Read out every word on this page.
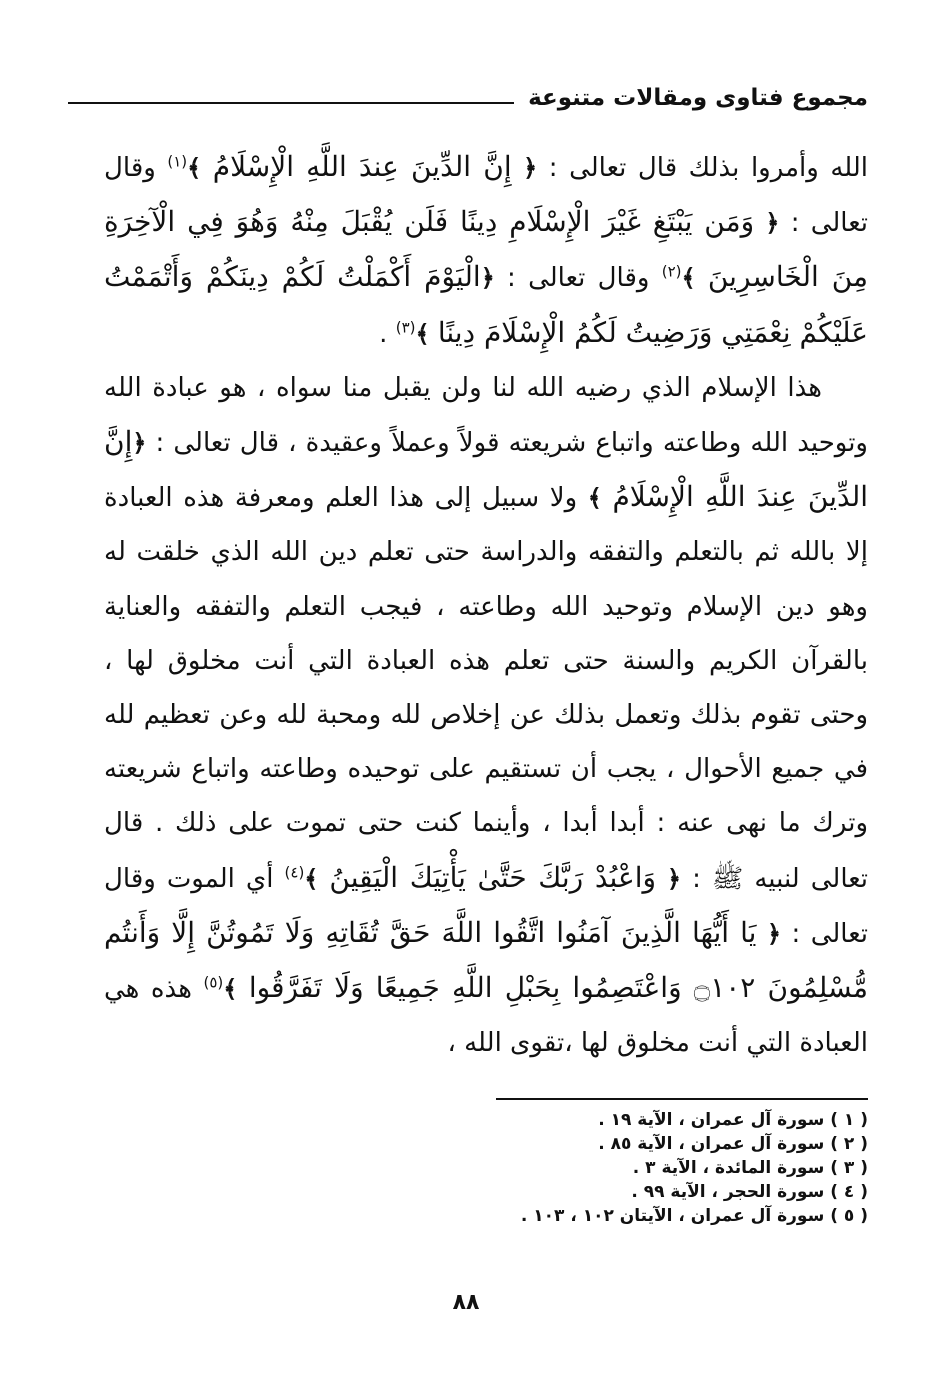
مجموع فتاوى ومقالات متنوعة

الله وأمروا بذلك قال تعالى : ﴿ إِنَّ الدِّينَ عِندَ اللَّهِ الْإِسْلَامُ ﴾$^{(١)}$ وقال تعالى : ﴿ وَمَن يَبْتَغِ غَيْرَ الْإِسْلَامِ دِينًا فَلَن يُقْبَلَ مِنْهُ وَهُوَ فِي الْآخِرَةِ مِنَ الْخَاسِرِينَ ﴾$^{(٢)}$ وقال تعالى : ﴿الْيَوْمَ أَكْمَلْتُ لَكُمْ دِينَكُمْ وَأَتْمَمْتُ عَلَيْكُمْ نِعْمَتِي وَرَضِيتُ لَكُمُ الْإِسْلَامَ دِينًا ﴾$^{(٣)}$ .

هذا الإسلام الذي رضيه الله لنا ولن يقبل منا سواه ، هو عبادة الله وتوحيد الله وطاعته واتباع شريعته قولاً وعملاً وعقيدة ، قال تعالى : ﴿إِنَّ الدِّينَ عِندَ اللَّهِ الْإِسْلَامُ ﴾ ولا سبيل إلى هذا العلم ومعرفة هذه العبادة إلا بالله ثم بالتعلم والتفقه والدراسة حتى تعلم دين الله الذي خلقت له وهو دين الإسلام وتوحيد الله وطاعته ، فيجب التعلم والتفقه والعناية بالقرآن الكريم والسنة حتى تعلم هذه العبادة التي أنت مخلوق لها ، وحتى تقوم بذلك وتعمل بذلك عن إخلاص لله ومحبة لله وعن تعظيم لله في جميع الأحوال ، يجب أن تستقيم على توحيده وطاعته واتباع شريعته وترك ما نهى عنه : أبدا أبدا ، وأينما كنت حتى تموت على ذلك . قال تعالى لنبيه ﷺ : ﴿ وَاعْبُدْ رَبَّكَ حَتَّىٰ يَأْتِيَكَ الْيَقِينُ ﴾$^{(٤)}$ أي الموت وقال تعالى : ﴿ يَا أَيُّهَا الَّذِينَ آمَنُوا اتَّقُوا اللَّهَ حَقَّ تُقَاتِهِ وَلَا تَمُوتُنَّ إِلَّا وَأَنتُم مُّسْلِمُونَ ۝١٠٢ وَاعْتَصِمُوا بِحَبْلِ اللَّهِ جَمِيعًا وَلَا تَفَرَّقُوا ﴾$^{(٥)}$ هذه هي العبادة التي أنت مخلوق لها ،تقوى الله ،

( ١ ) سورة آل عمران ، الآية ١٩ .

( ٢ ) سورة آل عمران ، الآية ٨٥ .

( ٣ ) سورة المائدة ، الآية ٣ .

( ٤ ) سورة الحجر ، الآية ٩٩ .

( ٥ ) سورة آل عمران ، الآيتان ١٠٢ ، ١٠٣ .

٨٨
